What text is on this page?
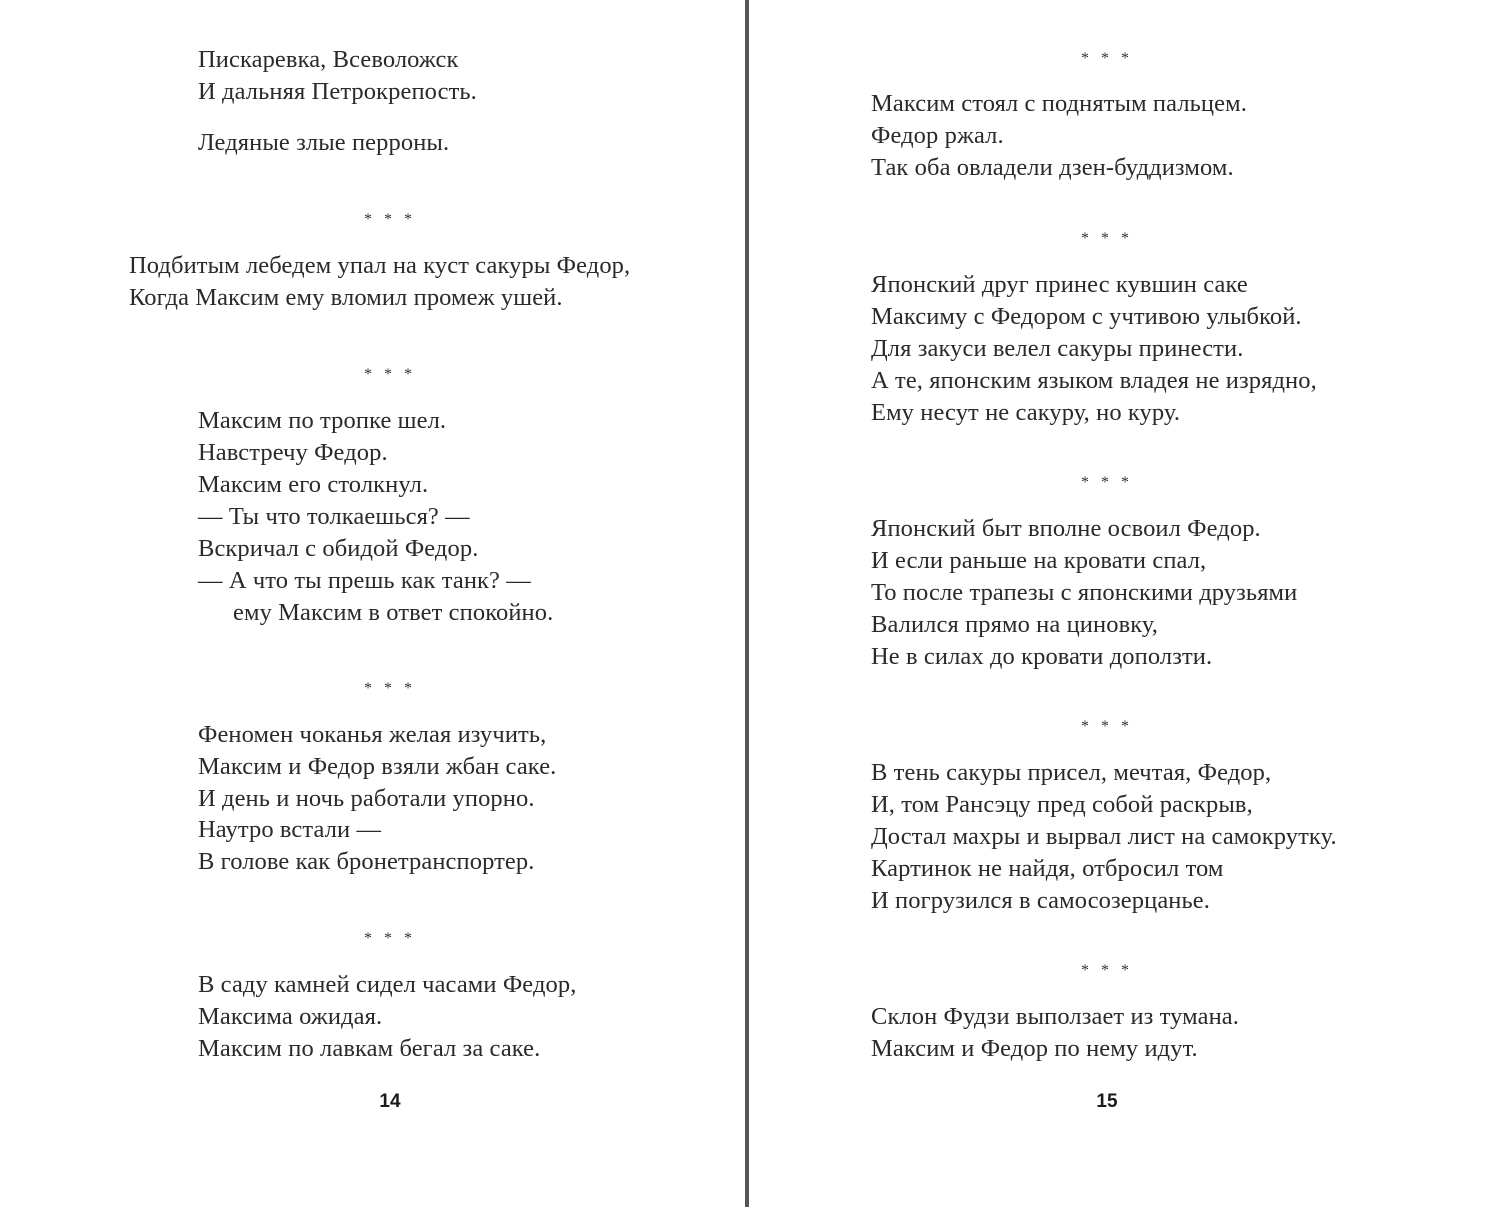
Пискаревка, Всеволожск
И дальняя Петрокрепость.
Ледяные злые перроны.
* * *
Подбитым лебедем упал на куст сакуры Федор,
Когда Максим ему вломил промеж ушей.
* * *
Максим по тропке шел.
Навстречу Федор.
Максим его столкнул.
— Ты что толкаешься? —
Вскричал с обидой Федор.
— А что ты прешь как танк? —
ему Максим в ответ спокойно.
* * *
Феномен чоканья желая изучить,
Максим и Федор взяли жбан саке.
И день и ночь работали упорно.
Наутро встали —
В голове как бронетранспортер.
* * *
В саду камней сидел часами Федор,
Максима ожидая.
Максим по лавкам бегал за саке.
14
* * *
Максим стоял с поднятым пальцем.
Федор ржал.
Так оба овладели дзен-буддизмом.
* * *
Японский друг принес кувшин саке
Максиму с Федором с учтивою улыбкой.
Для закуси велел сакуры принести.
А те, японским языком владея не изрядно,
Ему несут не сакуру, но куру.
* * *
Японский быт вполне освоил Федор.
И если раньше на кровати спал,
То после трапезы с японскими друзьями
Валился прямо на циновку,
Не в силах до кровати доползти.
* * *
В тень сакуры присел, мечтая, Федор,
И, том Рансэцу пред собой раскрыв,
Достал махры и вырвал лист на самокрутку.
Картинок не найдя, отбросил том
И погрузился в самосозерцанье.
* * *
Склон Фудзи выползает из тумана.
Максим и Федор по нему идут.
15
